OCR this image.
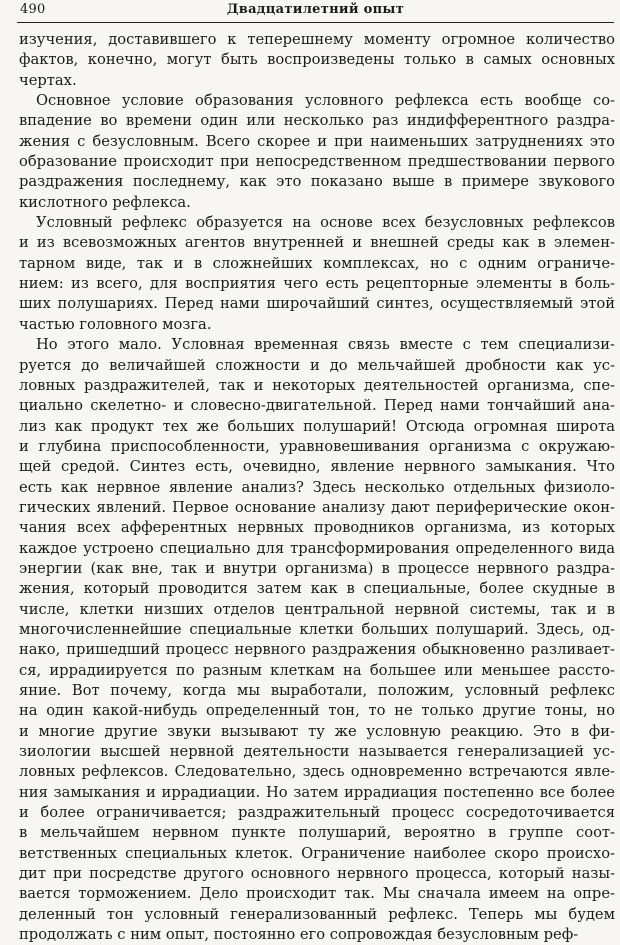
490	Двадцатилетний опыт
изучения, доставившего к теперешнему моменту огромное количество
фактов, конечно, могут быть воспроизведены только в самых основных
чертах.
Основное условие образования условного рефлекса есть вообще со-
впадение во времени один или несколько раз индифферентного раздра-
жения с безусловным. Всего скорее и при наименьших затруднениях это
образование происходит при непосредственном предшествовании первого
раздражения последнему, как это показано выше в примере звукового
кислотного рефлекса.
Условный рефлекс образуется на основе всех безусловных рефлексов
и из всевозможных агентов внутренней и внешней среды как в элемен-
тарном виде, так и в сложнейших комплексах, но с одним ограниче-
нием: из всего, для восприятия чего есть рецепторные элементы в боль-
ших полушариях. Перед нами широчайший синтез, осуществляемый этой
частью головного мозга.
Но этого мало. Условная временная связь вместе с тем специализи-
руется до величайшей сложности и до мельчайшей дробности как ус-
ловных раздражителей, так и некоторых деятельностей организма, спе-
циально скелетно- и словесно-двигательной. Перед нами тончайший ана-
лиз как продукт тех же больших полушарий! Отсюда огромная широта
и глубина приспособленности, уравновешивания организма с окружаю-
щей средой. Синтез есть, очевидно, явление нервного замыкания. Что
есть как нервное явление анализ? Здесь несколько отдельных физиоло-
гических явлений. Первое основание анализу дают периферические окон-
чания всех афферентных нервных проводников организма, из которых
каждое устроено специально для трансформирования определенного вида
энергии (как вне, так и внутри организма) в процессе нервного раздра-
жения, который проводится затем как в специальные, более скудные в
числе, клетки низших отделов центральной нервной системы, так и в
многочисленнейшие специальные клетки больших полушарий. Здесь, од-
нако, пришедший процесс нервного раздражения обыкновенно разливает-
ся, иррадиируется по разным клеткам на большее или меньшее рассто-
яние. Вот почему, когда мы выработали, положим, условный рефлекс
на один какой-нибудь определенный тон, то не только другие тоны, но
и многие другие звуки вызывают ту же условную реакцию. Это в фи-
зиологии высшей нервной деятельности называется генерализацией ус-
ловных рефлексов. Следовательно, здесь одновременно встречаются явле-
ния замыкания и иррадиации. Но затем иррадиация постепенно все более
и более ограничивается; раздражительный процесс сосредоточивается
в мельчайшем нервном пункте полушарий, вероятно в группе соот-
ветственных специальных клеток. Ограничение наиболее скоро происхо-
дит при посредстве другого основного нервного процесса, который назы-
вается торможением. Дело происходит так. Мы сначала имеем на опре-
деленный тон условный генерализованный рефлекс. Теперь мы будем
продолжать с ним опыт, постоянно его сопровождая безусловным реф-
